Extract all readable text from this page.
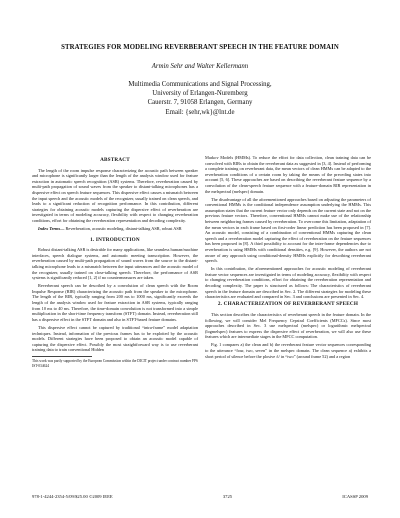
STRATEGIES FOR MODELING REVERBERANT SPEECH IN THE FEATURE DOMAIN
Armin Sehr and Walter Kellermann
Multimedia Communications and Signal Processing,
University of Erlangen-Nuremberg
Cauerstr. 7, 91058 Erlangen, Germany
Email: {sehr,wk}@lnt.de
ABSTRACT

The length of the room impulse response characterizing the acoustic path between speaker and microphone is significantly larger than the length of the analysis window used for feature extraction in automatic speech recognition (ASR) systems. Therefore, reverberation caused by multi-path propagation of sound waves from the speaker to distant-talking microphones has a dispersive effect on speech feature sequences. This dispersive effect causes a mismatch between the input speech and the acoustic models of the recognizer, usually trained on clean speech, and leads to a significant reduction of recognition performance. In this contribution, different strategies for obtaining acoustic models capturing the dispersive effect of reverberation are investigated in terms of modeling accuracy, flexibility with respect to changing reverberation conditions, effort for obtaining the reverberation representation and decoding complexity.

Index Terms— Reverberation, acoustic modeling, distant-talking ASR, robust ASR

1. INTRODUCTION

Robust distant-talking ASR is desirable for many applications, like seamless human/machine interfaces, speech dialogue systems, and automatic meeting transcription. However, the reverberation caused by multi-path propagation of sound waves from the source to the distant-talking microphone leads to a mismatch between the input utterances and the acoustic model of the recognizer, usually trained on close-talking speech. Therefore, the performance of ASR systems is significantly reduced [1, 2] if no countermeasures are taken.

Reverberant speech can be described by a convolution of clean speech with the Room Impulse Response (RIR) characterizing the acoustic path from the speaker to the microphone. The length of the RIR, typically ranging from 200 ms to 1000 ms, significantly exceeds the length of the analysis window used for feature extraction in ASR systems, typically ranging from 10 ms to 40 ms. Therefore, the time-domain convolution is not transformed into a simple multiplication in the short-time frequency transform (STFT) domain. Instead, reverberation still has a dispersive effect in the STFT domain and also in STFT-based feature domains.

This dispersive effect cannot be captured by traditional “intra-frame” model adaptation techniques. Instead, information of the previous frames has to be exploited by the acoustic models. Different strategies have been proposed to obtain an acoustic model capable of capturing the dispersive effect. Possibly the most straightforward way is to use reverberant training data to train conventional Hidden

This work was partly supported by the European Commission within the DICIT project under contract number FP6 IST-034624

Markov Models (HMMs). To reduce the effort for data collection, clean training data can be convolved with RIRs to obtain the reverberant data as suggested in [3, 4]. Instead of performing a complete training on reverberant data, the mean vectors of clean HMMs can be adapted to the reverberation conditions of a certain room by taking the means of the preceding states into account [5, 6]. These approaches are based on describing the reverberant feature sequence by a convolution of the clean-speech feature sequence with a feature-domain RIR representation in the melspectral (melspec) domain.

The disadvantage of all the aforementioned approaches based on adjusting the parameters of conventional HMMs is the conditional independence assumption underlying the HMMs. This assumption states that the current feature vector only depends on the current state and not on the previous feature vectors. Therefore, conventional HMMs cannot make use of the relationship between neighboring frames caused by reverberation. To overcome this limitation, adaptation of the mean vectors in each frame based on first-order linear prediction has been proposed in [7]. An acoustic model, consisting of a combination of conventional HMMs capturing the clean speech and a reverberation model capturing the effect of reverberation on the feature sequences has been proposed in [8]. A third possibility to account for the inter-frame dependencies due to reverberation is using HMMs with conditional densities, e.g. [9]. However, the authors are not aware of any approach using conditional-density HMMs explicitly for describing reverberant speech.

In this contribution, the aforementioned approaches for acoustic modeling of reverberant feature vector sequences are investigated in terms of modeling accuracy, flexibility with respect to changing reverberation conditions, effort for obtaining the reverberation representation and decoding complexity. The paper is structured as follows: The characteristics of reverberant speech in the feature domain are described in Sec. 2. The different strategies for modeling these characteristics are evaluated and compared in Sec. 3 and conclusions are presented in Sec. 4.

2. CHARACTERIZATION OF REVERBERANT SPEECH

This section describes the characteristics of reverberant speech in the feature domain. In the following, we will consider Mel Frequency Cepstral Coefficients (MFCCs). Since most approaches described in Sec. 3 use melspectral (melspec) or logarithmic melspectral (logmelspec) features to express the dispersive effect of reverberation, we will also use these features which are intermediate stages in the MFCC computation.

Fig. 1 compares a) the clean and b) the reverberant feature vector sequences corresponding to the utterance “four, two, seven” in the melspec domain. The clean sequence a) exhibits a short period of silence before the plosive /t/ in “two” (around frame 52) and a region

978-1-4244-2354-5/09/$25.00 ©2009 IEEE	3725	ICASSP 2009
